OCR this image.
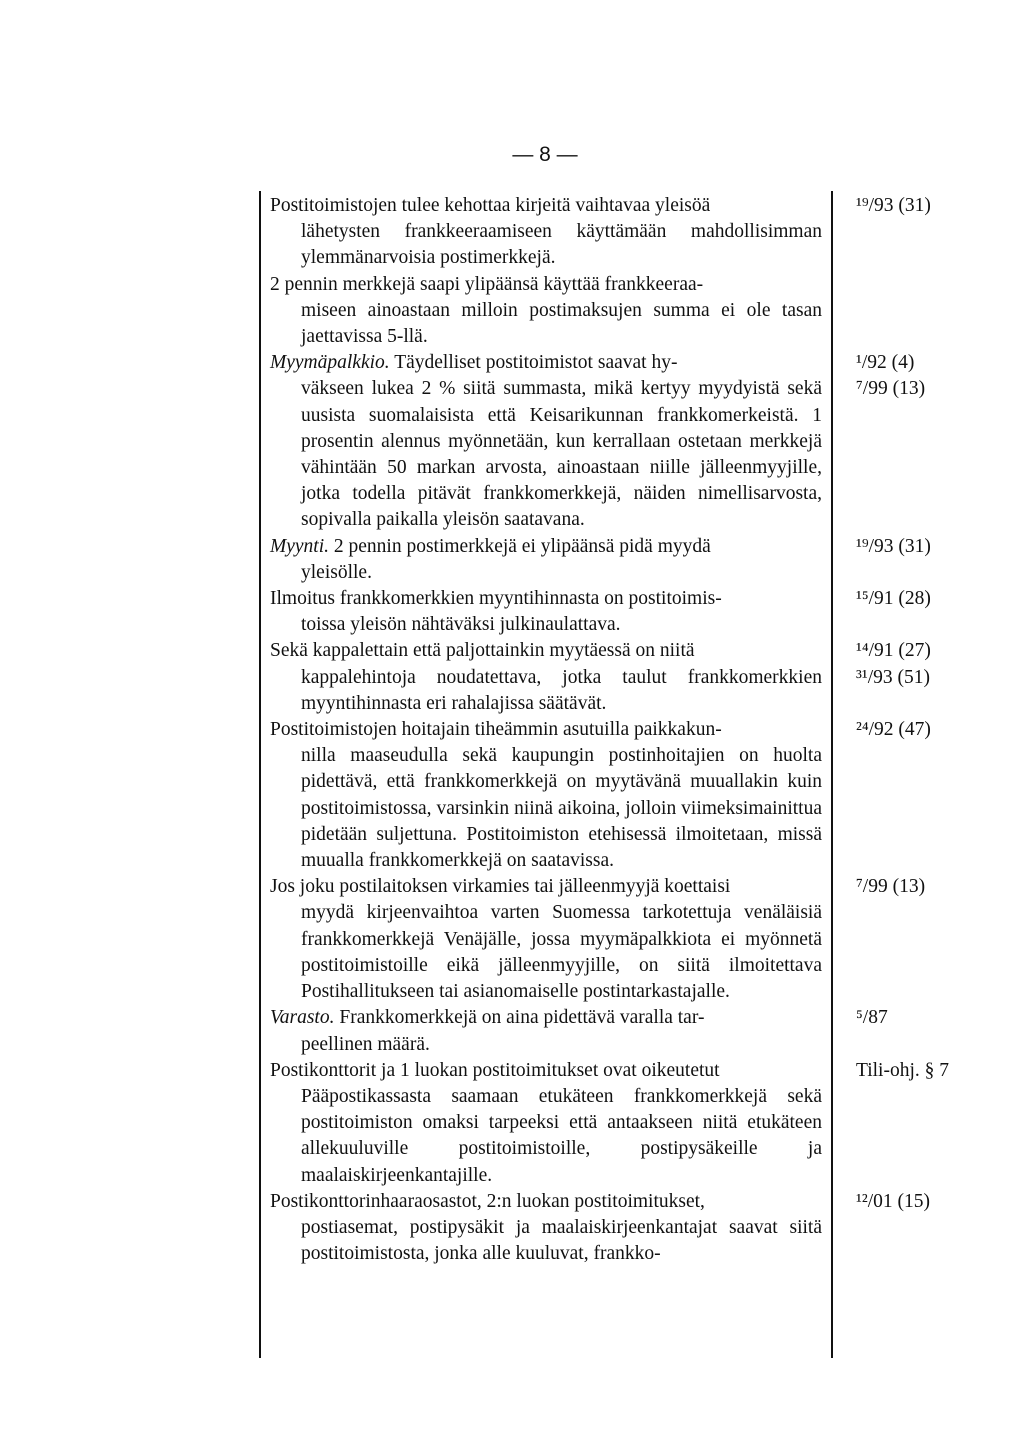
— 8 —
Postitoimistojen tulee kehottaa kirjeitä vaihtavaa yleisöä
lähetysten frankkeeraamiseen käyttämään mahdollisimman ylemmänarvoisia postimerkkejä.
¹⁹/93 (31)
2 pennin merkkejä saapi ylipäänsä käyttää frankkeeraa-
miseen ainoastaan milloin postimaksujen summa ei ole tasan jaettavissa 5-llä.
Myymäpalkkio. Täydelliset postitoimistot saavat hy-
väkseen lukea 2 % siitä summasta, mikä kertyy myydyistä sekä uusista suomalaisista että Keisarikunnan frankkomerkeistä. 1 prosentin alennus myönnetään, kun kerrallaan ostetaan merkkejä vähintään 50 markan arvosta, ainoastaan niille jälleenmyyjille, jotka todella pitävät frankkomerkkejä, näiden nimellisarvosta, sopivalla paikalla yleisön saatavana.
¹/92 (4)
⁷/99 (13)
Myynti. 2 pennin postimerkkejä ei ylipäänsä pidä myydä
yleisölle.
¹⁹/93 (31)
Ilmoitus frankkomerkkien myyntihinnasta on postitoimis-
toissa yleisön nähtäväksi julkinaulattava.
¹⁵/91 (28)
Sekä kappalettain että paljottainkin myytäessä on niitä
kappalehintoja noudatettava, jotka taulut frankkomerkkien myyntihinnasta eri rahalajissa säätävät.
¹⁴/91 (27)
³¹/93 (51)
Postitoimistojen hoitajain tiheämmin asutuilla paikkakun-
nilla maaseudulla sekä kaupungin postinhoitajien on huolta pidettävä, että frankkomerkkejä on myytävänä muuallakin kuin postitoimistossa, varsinkin niinä aikoina, jolloin viimeksimainittua pidetään suljettuna. Postitoimiston etehisessä ilmoitetaan, missä muualla frankkomerkkejä on saatavissa.
²⁴/92 (47)
Jos joku postilaitoksen virkamies tai jälleenmyyjä koettaisi
myydä kirjeenvaihtoa varten Suomessa tarkotettuja venäläisiä frankkomerkkejä Venäjälle, jossa myymäpalkkiota ei myönnetä postitoimistoille eikä jälleenmyyjille, on siitä ilmoitettava Postihallitukseen tai asianomaiselle postintarkastajalle.
⁷/99 (13)
Varasto. Frankkomerkkejä on aina pidettävä varalla tar-
peellinen määrä.
⁵/87
Postikonttorit ja 1 luokan postitoimitukset ovat oikeutetut
Pääpostikassasta saamaan etukäteen frankkomerkkejä sekä postitoimiston omaksi tarpeeksi että antaakseen niitä etukäteen allekuuluville postitoimistoille, postipysäkeille ja maalaiskirjeenkantajille.
Tili-ohj. § 7
Postikonttorinhaaraosastot, 2:n luokan postitoimitukset,
postiasemat, postipysäkit ja maalaiskirjeenkantajat saavat siitä postitoimistosta, jonka alle kuuluvat, frankko-
¹²/01 (15)
